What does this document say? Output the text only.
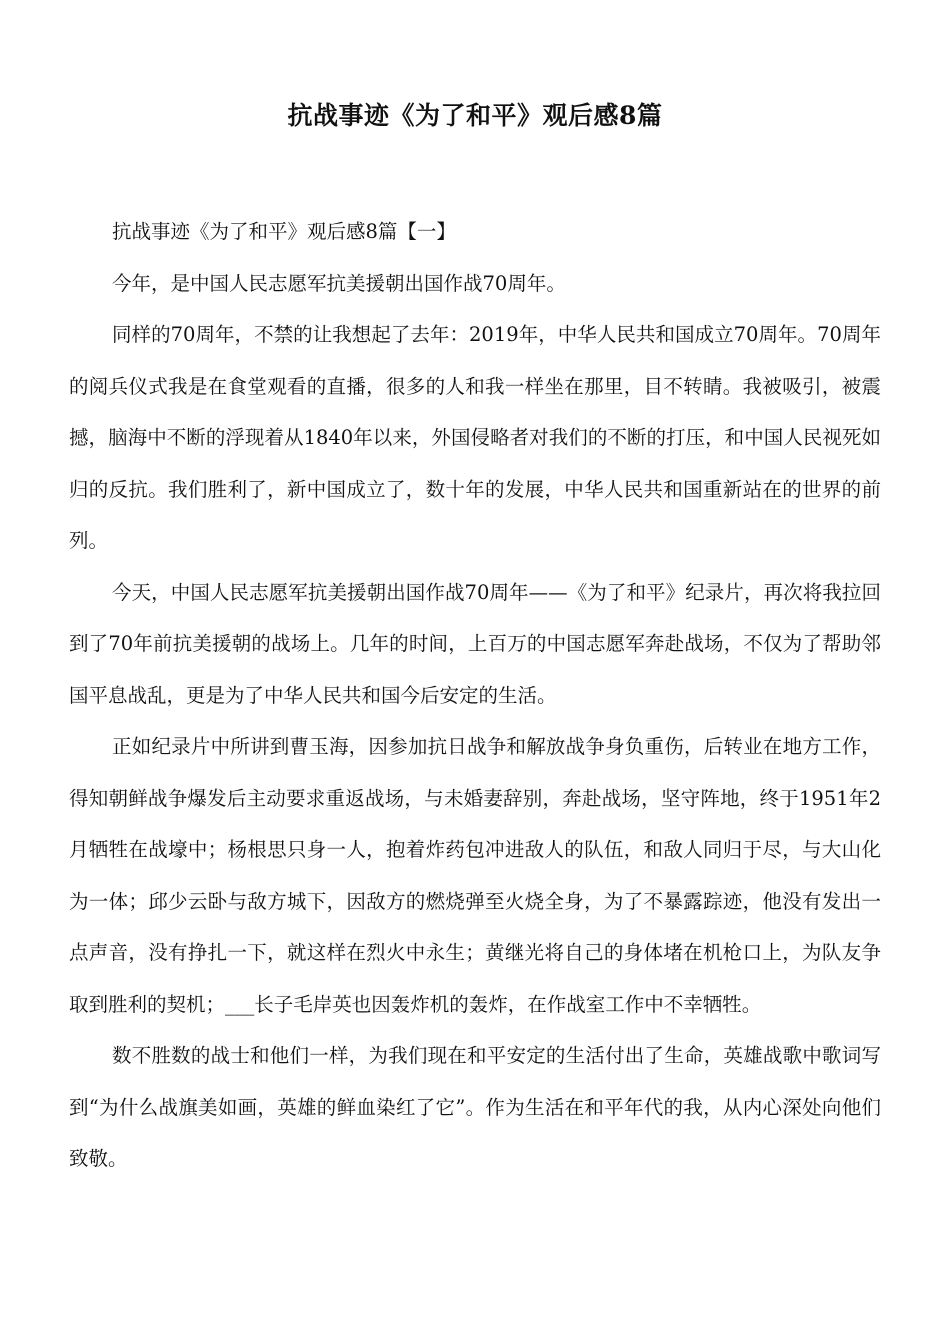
抗战事迹《为了和平》观后感8篇

抗战事迹《为了和平》观后感8篇【一】

今年，是中国人民志愿军抗美援朝出国作战70周年。

同样的70周年，不禁的让我想起了去年：2019年，中华人民共和国成立70周年。70周年的阅兵仪式我是在食堂观看的直播，很多的人和我一样坐在那里，目不转睛。我被吸引，被震撼，脑海中不断的浮现着从1840年以来，外国侵略者对我们的不断的打压，和中国人民视死如归的反抗。我们胜利了，新中国成立了，数十年的发展，中华人民共和国重新站在的世界的前列。

今天，中国人民志愿军抗美援朝出国作战70周年——《为了和平》纪录片，再次将我拉回到了70年前抗美援朝的战场上。几年的时间，上百万的中国志愿军奔赴战场，不仅为了帮助邻国平息战乱，更是为了中华人民共和国今后安定的生活。

正如纪录片中所讲到曹玉海，因参加抗日战争和解放战争身负重伤，后转业在地方工作，得知朝鲜战争爆发后主动要求重返战场，与未婚妻辞别，奔赴战场，坚守阵地，终于1951年2月牺牲在战壕中；杨根思只身一人，抱着炸药包冲进敌人的队伍，和敌人同归于尽，与大山化为一体；邱少云卧与敌方城下，因敌方的燃烧弹至火烧全身，为了不暴露踪迹，他没有发出一点声音，没有挣扎一下，就这样在烈火中永生；黄继光将自己的身体堵在机枪口上，为队友争取到胜利的契机；___长子毛岸英也因轰炸机的轰炸，在作战室工作中不幸牺牲。

数不胜数的战士和他们一样，为我们现在和平安定的生活付出了生命，英雄战歌中歌词写到“为什么战旗美如画，英雄的鲜血染红了它”。作为生活在和平年代的我，从内心深处向他们致敬。
